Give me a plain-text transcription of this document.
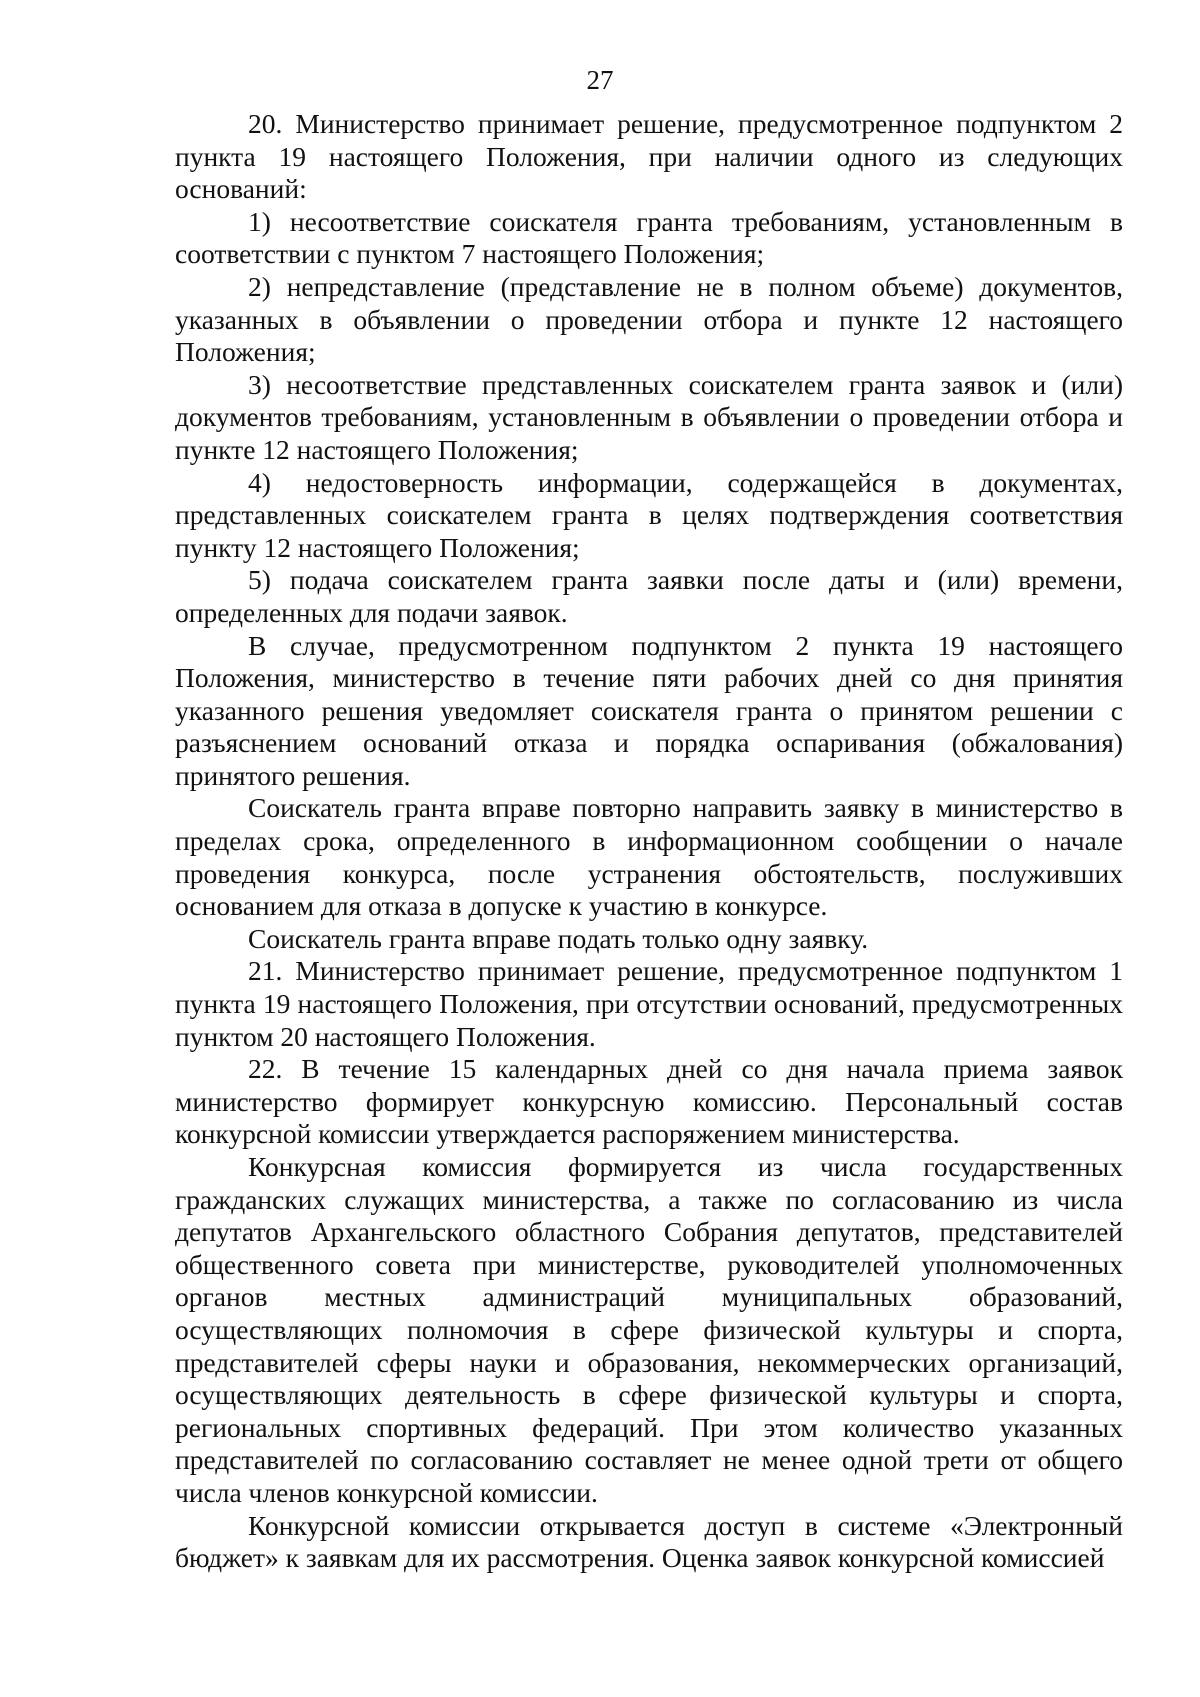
27

20. Министерство принимает решение, предусмотренное подпунктом 2 пункта 19 настоящего Положения, при наличии одного из следующих оснований:

1) несоответствие соискателя гранта требованиям, установленным в соответствии с пунктом 7 настоящего Положения;

2) непредставление (представление не в полном объеме) документов, указанных в объявлении о проведении отбора и пункте 12 настоящего Положения;

3) несоответствие представленных соискателем гранта заявок и (или) документов требованиям, установленным в объявлении о проведении отбора и пункте 12 настоящего Положения;

4) недостоверность информации, содержащейся в документах, представленных соискателем гранта в целях подтверждения соответствия пункту 12 настоящего Положения;

5) подача соискателем гранта заявки после даты и (или) времени, определенных для подачи заявок.

В случае, предусмотренном подпунктом 2 пункта 19 настоящего Положения, министерство в течение пяти рабочих дней со дня принятия указанного решения уведомляет соискателя гранта о принятом решении с разъяснением оснований отказа и порядка оспаривания (обжалования) принятого решения.

Соискатель гранта вправе повторно направить заявку в министерство в пределах срока, определенного в информационном сообщении о начале проведения конкурса, после устранения обстоятельств, послуживших основанием для отказа в допуске к участию в конкурсе.

Соискатель гранта вправе подать только одну заявку.

21. Министерство принимает решение, предусмотренное подпунктом 1 пункта 19 настоящего Положения, при отсутствии оснований, предусмотренных пунктом 20 настоящего Положения.

22. В течение 15 календарных дней со дня начала приема заявок министерство формирует конкурсную комиссию. Персональный состав конкурсной комиссии утверждается распоряжением министерства.

Конкурсная комиссия формируется из числа государственных гражданских служащих министерства, а также по согласованию из числа депутатов Архангельского областного Собрания депутатов, представителей общественного совета при министерстве, руководителей уполномоченных органов местных администраций муниципальных образований, осуществляющих полномочия в сфере физической культуры и спорта, представителей сферы науки и образования, некоммерческих организаций, осуществляющих деятельность в сфере физической культуры и спорта, региональных спортивных федераций. При этом количество указанных представителей по согласованию составляет не менее одной трети от общего числа членов конкурсной комиссии.

Конкурсной комиссии открывается доступ в системе «Электронный бюджет» к заявкам для их рассмотрения. Оценка заявок конкурсной комиссией
